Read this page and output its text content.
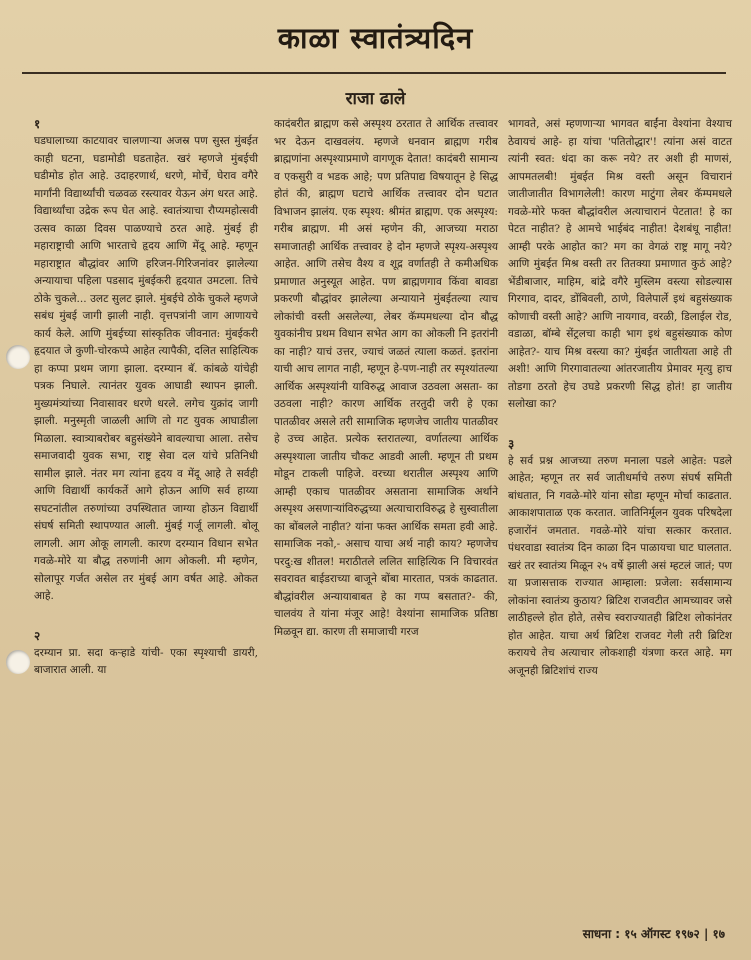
काळा स्वातंत्र्यदिन
राजा ढाले

१

घडघालाच्या काटयावर चालणाऱ्या अजस्र पण सुस्त मुंबईत काही घटना, घडामोडी घडताहेत. खरं म्हणजे मुंबईची घडीमोड होत आहे. उदाहरणार्थ, धरणे, मोर्चे, घेराव वगैरे मार्गांनी विद्यार्थ्यांची चळवळ रस्त्यावर येऊन अंग धरत आहे. विद्यार्थ्यांचा उद्रेक रूप घेत आहे. स्वातंत्र्याचा रौप्यमहोत्सवी उत्सव काळा दिवस पाळण्याचे ठरत आहे. मुंबई ही महाराष्ट्राची आणि भारताचे हृदय आणि मेंदू आहे. म्हणून महाराष्ट्रात बौद्धांवर आणि हरिजन-गिरिजनांवर झालेल्या अन्यायाचा पहिला पडसाद मुंबईकरी हृदयात उमटला. तिचे ठोके चुकले... उलट सुलट झाले. मुंबईचे ठोके चुकले म्हणजे सबंध मुंबई जागी झाली नाही. वृत्तपत्रांनी जाग आणायचे कार्य केले. आणि मुंबईच्या सांस्कृतिक जीवनात: मुंबईकरी हृदयात जे कुणी-चोरकप्पे आहेत त्यापैकी, दलित साहित्यिक हा कप्पा प्रथम जागा झाला. दरम्यान बॅ. कांबळे यांचेही पत्रक निघाले. त्यानंतर युवक आघाडी स्थापन झाली. मुख्यमंत्र्यांच्या निवासावर धरणे धरले. लगेच युक्रांद जागी झाली. मनुस्मृती जाळली आणि तो गट युवक आघाडीला मिळाला. स्वात्र्याबरोबर बहुसंख्येने बावल्याचा आला. तसेच समाजवादी युवक सभा, राष्ट्र सेवा दल यांचे प्रतिनिधी सामील झाले. नंतर मग त्यांना हृदय व मेंदू आहे ते सर्वही आणि विद्यार्थी कार्यकर्ते आगे होऊन आणि सर्व हाय्या सघटनांतील तरुणांच्या उपस्थितात जाग्या होऊन विद्यार्थी संघर्ष समिती स्थापण्यात आली. मुंबई गर्जू लागली. बोलू लागली. आग ओकू लागली. कारण दरम्यान विधान सभेत गवळे-मोरे या बौद्ध तरुणांनी आग ओकली. मी म्हणेन, सोलापूर गर्जत असेल तर मुंबई आग वर्षत आहे. ओकत आहे.

२

दरम्यान प्रा. सदा कऱ्हाडे यांची- एका स्पृश्याची डायरी, बाजारात आली. या

कादंबरीत ब्राह्मण कसे अस्पृश्य ठरतात ते आर्थिक तत्त्वावर भर देऊन दाखवलंय. म्हणजे धनवान ब्राह्मण गरीब ब्राह्मणांना अस्पृश्याप्रमाणे वागणूक देतात! कादंबरी सामान्य व एकसुरी व भडक आहे; पण प्रतिपाद्य विषयातून हे सिद्ध होतं की, ब्राह्मण घटाचे आर्थिक तत्त्वावर दोन घटात विभाजन झालंय. एक स्पृश्य: श्रीमंत ब्राह्मण. एक अस्पृश्य: गरीब ब्राह्मण. मी असं म्हणेन की, आजच्या मराठा समाजातही आर्थिक तत्त्वावर हे दोन म्हणजे स्पृश्य-अस्पृश्य आहेत. आणि तसेच वैश्य व शूद्र वर्णातही ते कमीअधिक प्रमाणात अनुस्यूत आहेत. पण ब्राह्मणगाव किंवा बावडा प्रकरणी बौद्धांवर झालेल्या अन्यायाने मुंबईतल्या त्याच लोकांची वस्ती असलेल्या, लेबर कॅम्पमधल्या दोन बौद्ध युवकांनीच प्रथम विधान सभेत आग का ओकली नि इतरांनी का नाही? याचं उत्तर, ज्याचं जळतं त्याला कळतं. इतरांना याची आच लागत नाही, म्हणून हे-पण-नाही तर स्पृश्यांतल्या आर्थिक अस्पृश्यांनी याविरुद्ध आवाज उठवला असता- का उठवला नाही? कारण आर्थिक तरतुदी जरी हे एका पातळीवर असले तरी सामाजिक म्हणजेच जातीय पातळीवर हे उच्च आहेत. प्रत्येक स्तरातल्या, वर्णातल्या आर्थिक अस्पृश्याला जातीय चौकट आडवी आली. म्हणून ती प्रथम मोडून टाकली पाहिजे. वरच्या थरातील अस्पृश्य आणि आम्ही एकाच पातळीवर असताना सामाजिक अर्थाने अस्पृश्य असणाऱ्यांविरुद्धच्या अत्याचाराविरुद्ध हे सुस्वातीला का बोंबलले नाहीत? यांना फक्त आर्थिक समता हवी आहे. सामाजिक नको,- असाच याचा अर्थ नाही काय? म्हणजेच परदु:ख शीतल! मराठीतले ललित साहित्यिक नि विचारवंत सवरावत बाईडराच्या बाजूने बोंबा मारतात, पत्रकं काढतात. बौद्धांवरील अन्यायाबाबत हे का गप्प बसतात?- की, चालवंय ते यांना मंजूर आहे! वेश्यांना सामाजिक प्रतिष्ठा मिळवून द्या. कारण ती समाजाची गरज

भागवते, असं म्हणणाऱ्या भागवत बाईंना वेश्यांना वेश्याच ठेवायचं आहे- हा यांचा 'पतितोद्धार'! त्यांना असं वाटत त्यांनी स्वत: धंदा का करू नये? तर अशी ही माणसं, आपमतलबी! मुंबईत मिश्र वस्ती असून विचारानं जातीजातीत विभागलेली! कारण माटुंगा लेबर कॅम्पमधले गवळे-मोरे फक्त बौद्धांवरील अत्याचारानं पेटतात! हे का पेटत नाहीत? हे आमचे भाईबंद नाहीत! देशबंधू नाहीत! आम्ही परके आहोत का? मग का वेगळं राष्ट्र मागू नये? आणि मुंबईत मिश्र वस्ती तर तितक्या प्रमाणात कुठं आहे? भेंडीबाजार, माहिम, बांद्रे वगैरे मुस्लिम वस्त्या सोडल्यास गिरगाव, दादर, डोंबिवली, ठाणे, विलेपार्ले इथं बहुसंख्याक कोणाची वस्ती आहे? आणि नायगाव, वरळी, डिलाईल रोड, वडाळा, बॉम्बे सेंट्रलचा काही भाग इथं बहुसंख्याक कोण आहेत?- याच मिश्र वस्त्या का? मुंबईत जातीयता आहे ती अशी! आणि गिरगावातल्या आंतरजातीय प्रेमावर मृत्यु हाच तोडगा ठरतो हेच उघडे प्रकरणी सिद्ध होतं! हा जातीय सलोखा का?

३

हे सर्व प्रश्न आजच्या तरुण मनाला पडले आहेत: पडले आहेत; म्हणून तर सर्व जातीधर्माचे तरुण संघर्ष समिती बांधतात, नि गवळे-मोरे यांना सोडा म्हणून मोर्चा काढतात. आकाशपाताळ एक करतात. जातिनिर्मूलन युवक परिषदेला हजारोंनं जमतात. गवळे-मोरे यांचा सत्कार करतात. पंधरवाडा स्वातंत्र्य दिन काळा दिन पाळायचा घाट घालतात. खरं तर स्वातंत्र्य मिळून २५ वर्षे झाली असं म्हटलं जातं; पण या प्रजासत्ताक राज्यात आम्हाला: प्रजेला: सर्वसामान्य लोकांना स्वातंत्र्य कुठाय? ब्रिटिश राजवटीत आमच्यावर जसे लाठीहल्ले होत होते, तसेच स्वराज्यातही ब्रिटिश लोकांनंतर होत आहेत. याचा अर्थ ब्रिटिश राजवट गेली तरी ब्रिटिश करायचे तेच अत्याचार लोकशाही यंत्रणा करत आहे. मग अजूनही ब्रिटिशांचं राज्य

साधना : १५ ऑगस्ट १९७२ | १७
